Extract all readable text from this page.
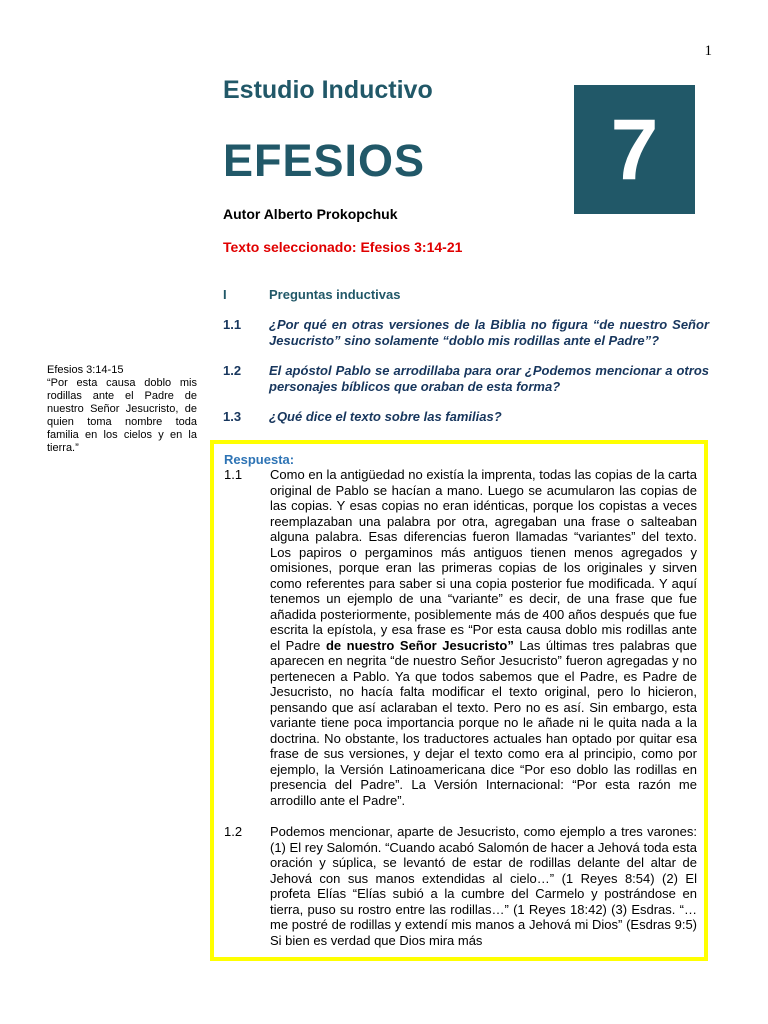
1
Estudio Inductivo
EFESIOS 7
Autor Alberto Prokopchuk
Texto seleccionado: Efesios 3:14-21
I	Preguntas inductivas
1.1	¿Por qué en otras versiones de la Biblia no figura “de nuestro Señor Jesucristo” sino solamente “doblo mis rodillas ante el Padre”?
1.2	El apóstol Pablo se arrodillaba para orar ¿Podemos mencionar a otros personajes bíblicos que oraban de esta forma?
1.3	¿Qué dice el texto sobre las familias?
Efesios 3:14-15
“Por esta causa doblo mis rodillas ante el Padre de nuestro Señor Jesucristo, de quien toma nombre toda familia en los cielos y en la tierra.”
Respuesta:
1.1	Como en la antigüedad no existía la imprenta, todas las copias de la carta original de Pablo se hacían a mano. Luego se acumularon las copias de las copias. Y esas copias no eran idénticas, porque los copistas a veces reemplazaban una palabra por otra, agregaban una frase o salteaban alguna palabra. Esas diferencias fueron llamadas “variantes” del texto. Los papiros o pergaminos más antiguos tienen menos agregados y omisiones, porque eran las primeras copias de los originales y sirven como referentes para saber si una copia posterior fue modificada. Y aquí tenemos un ejemplo de una “variante” es decir, de una frase que fue añadida posteriormente, posiblemente más de 400 años después que fue escrita la epístola, y esa frase es “Por esta causa doblo mis rodillas ante el Padre de nuestro Señor Jesucristo” Las últimas tres palabras que aparecen en negrita “de nuestro Señor Jesucristo” fueron agregadas y no pertenecen a Pablo. Ya que todos sabemos que el Padre, es Padre de Jesucristo, no hacía falta modificar el texto original, pero lo hicieron, pensando que así aclaraban el texto. Pero no es así. Sin embargo, esta variante tiene poca importancia porque no le añade ni le quita nada a la doctrina. No obstante, los traductores actuales han optado por quitar esa frase de sus versiones, y dejar el texto como era al principio, como por ejemplo, la Versión Latinoamericana dice “Por eso doblo las rodillas en presencia del Padre”. La Versión Internacional: “Por esta razón me arrodillo ante el Padre”.
1.2	Podemos mencionar, aparte de Jesucristo, como ejemplo a tres varones: (1) El rey Salomón. “Cuando acabó Salomón de hacer a Jehová toda esta oración y súplica, se levantó de estar de rodillas delante del altar de Jehová con sus manos extendidas al cielo…” (1 Reyes 8:54) (2) El profeta Elías “Elías subió a la cumbre del Carmelo y postrándose en tierra, puso su rostro entre las rodillas…” (1 Reyes 18:42) (3) Esdras. “…me postré de rodillas y extendí mis manos a Jehová mi Dios” (Esdras 9:5) Si bien es verdad que Dios mira más
